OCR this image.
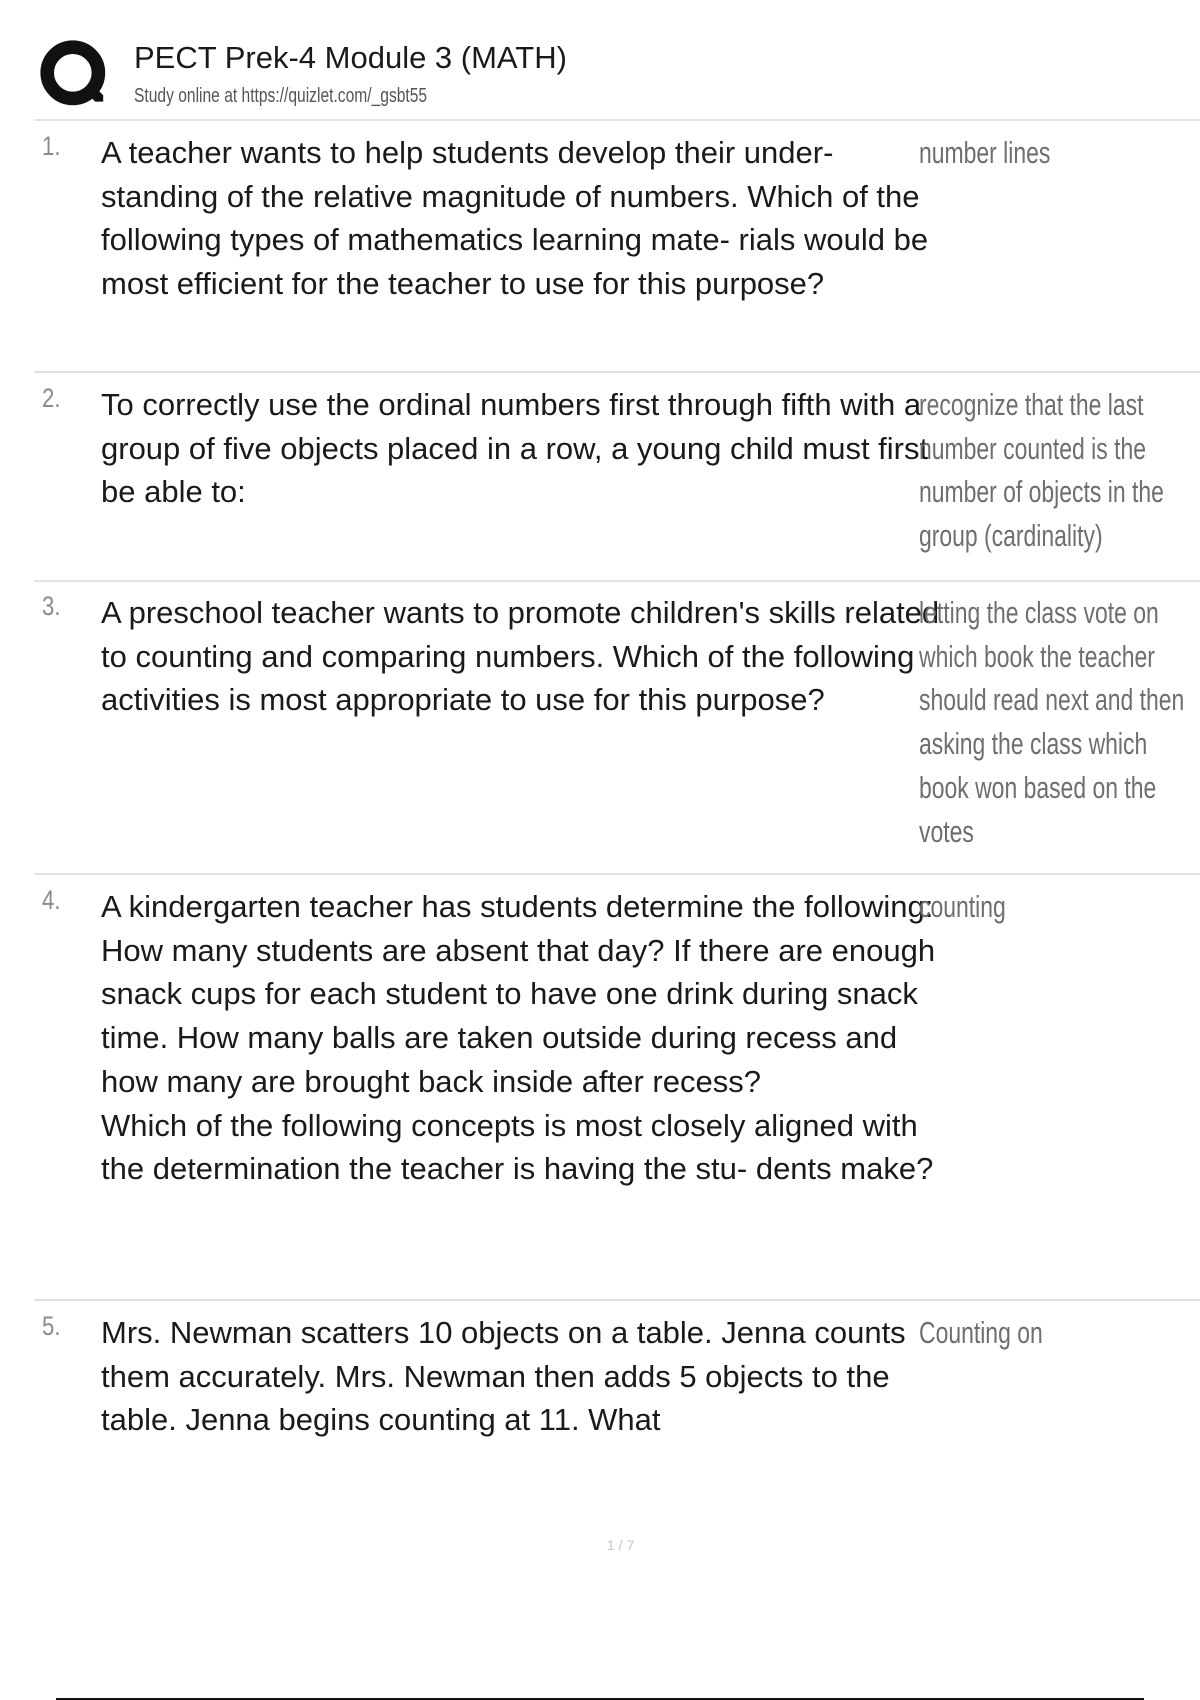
PECT Prek-4 Module 3 (MATH)
Study online at https://quizlet.com/_gsbt55
1. A teacher wants to help students develop their under- standing of the relative magnitude of numbers. Which of the following types of mathematics learning mate- rials would be most efficient for the teacher to use for this purpose?

number lines
2. To correctly use the ordinal numbers first through fifth with a group of five objects placed in a row, a young child must first be able to:

recognize that the last number counted is the number of objects in the group (cardinality)
3. A preschool teacher wants to promote children's skills related to counting and comparing numbers. Which of the following activities is most appropriate to use for this purpose?

letting the class vote on which book the teacher should read next and then asking the class which book won based on the votes
4. A kindergarten teacher has students determine the following: How many students are absent that day? If there are enough snack cups for each student to have one drink during snack time. How many balls are taken outside during recess and how many are brought back inside after recess?

Which of the following concepts is most closely aligned with the determination the teacher is having the stu- dents make?

counting
5. Mrs. Newman scatters 10 objects on a table. Jenna counts them accurately. Mrs. Newman then adds 5 objects to the table. Jenna begins counting at 11. What

Counting on
1 / 7
